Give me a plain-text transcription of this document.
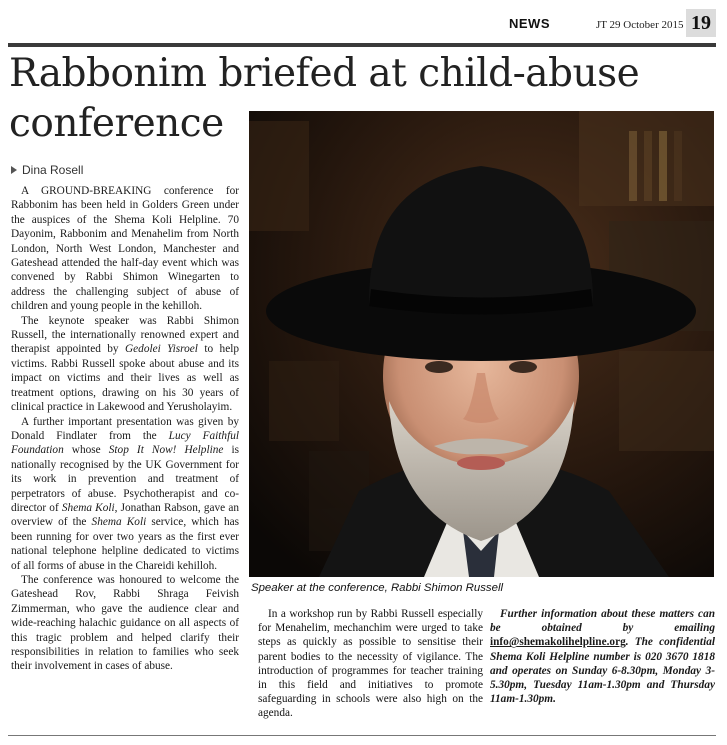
NEWS	JT 29 October 2015 19
Rabbonim briefed at child-abuse
conference
Dina Rosell

A GROUND-BREAKING conference for Rabbonim has been held in Golders Green under the auspices of the Shema Koli Helpline. 70 Dayonim, Rabbonim and Menahelim from North London, North West London, Manchester and Gateshead attended the half-day event which was convened by Rabbi Shimon Winegarten to address the challenging subject of abuse of children and young people in the kehilloh.

The keynote speaker was Rabbi Shimon Russell, the internationally renowned expert and therapist appointed by Gedolei Yisroel to help victims. Rabbi Russell spoke about abuse and its impact on victims and their lives as well as treatment options, drawing on his 30 years of clinical practice in Lakewood and Yerusholayim.

A further important presentation was given by Donald Findlater from the Lucy Faithful Foundation whose Stop It Now! Helpline is nationally recognised by the UK Government for its work in prevention and treatment of perpetrators of abuse. Psychotherapist and co-director of Shema Koli, Jonathan Rabson, gave an overview of the Shema Koli service, which has been running for over two years as the first ever national telephone helpline dedicated to victims of all forms of abuse in the Chareidi kehilloh.

The conference was honoured to welcome the Gateshead Rov, Rabbi Shraga Feivish Zimmerman, who gave the audience clear and wide-reaching halachic guidance on all aspects of this tragic problem and helped clarify their responsibilities in relation to families who seek their involvement in cases of abuse.

Speaker at the conference, Rabbi Shimon Russell

In a workshop run by Rabbi Russell especially for Menahelim, mechanchim were urged to take steps as quickly as possible to sensitise their parent bodies to the necessity of vigilance. The introduction of programmes for teacher training in this field and initiatives to promote safeguarding in schools were also high on the agenda.

Further information about these matters can be obtained by emailing info@shemakolihelpline.org. The confidential Shema Koli Helpline number is 020 3670 1818 and operates on Sunday 6-8.30pm, Monday 3-5.30pm, Tuesday 11am-1.30pm and Thursday 11am-1.30pm.
